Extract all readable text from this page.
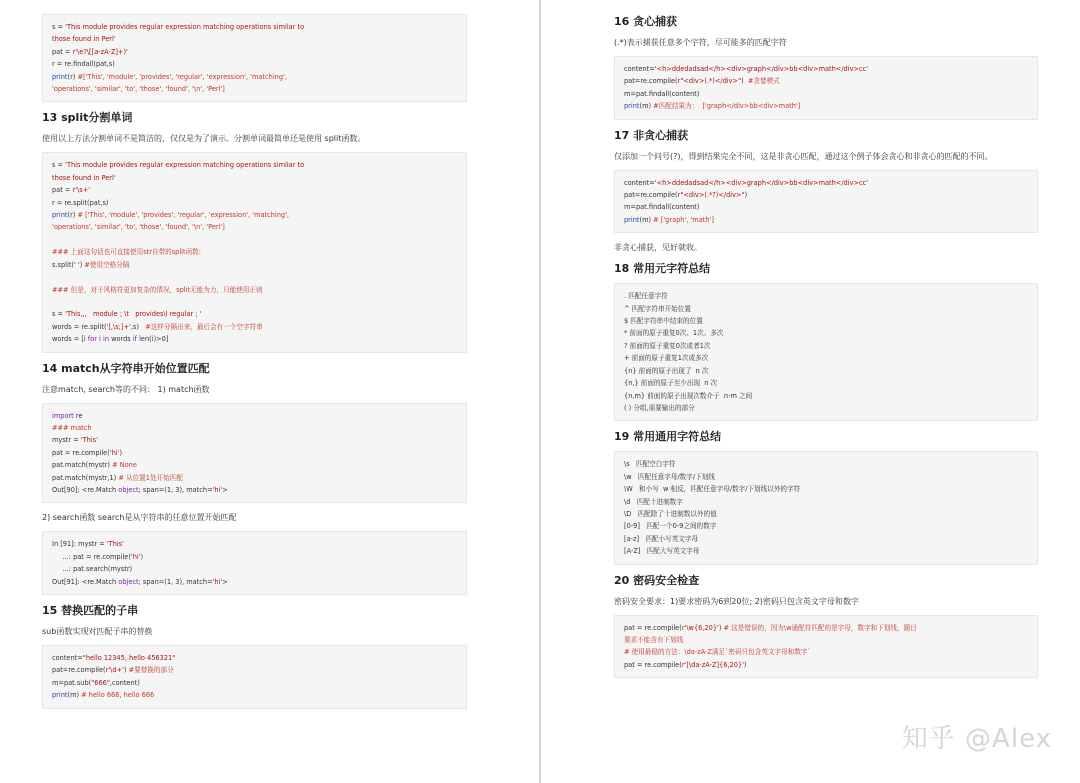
s = 'This module provides regular expression matching operations similar to
those found in Perl'
pat = r'\e?\[[a-zA-Z]+)'
r = re.findall(pat,s)
print(r) #['This', 'module', 'provides', 'regular', 'expression', 'matching',
'operations', 'similar', 'to', 'those', 'found', '\n', 'Perl']
13 split分割单词
使用以上方法分割单词不是简洁的，仅仅是为了演示。分割单词最简单还是使用 split函数。
s = 'This module provides regular expression matching operations similar to
those found in Perl'
pat = r'\s+'
r = re.split(pat,s)
print(r) # ['This', 'module', 'provides', 'regular', 'expression', 'matching',
'operations', 'similar', 'to', 'those', 'found', '\n', 'Perl']

### 上面这句话也可直接使用str自带的split函数:
s.split(' ') #使用空格分隔

### 但是，对于风格符更加复杂的情况，split无能为力，只能使用正则

s = 'This,,,   module ; \t   provides\l regular ; '
words = re.split('[,\s;]+',s)   #这样分隔出来，最后会有一个空字符串
words = [i for i in words if len(i)>0]
14 match从字符串开始位置匹配
注意match, search等的不同： 1) match函数
import re
### match
mystr = 'This'
pat = re.compile('hi')
pat.match(mystr) # None
pat.match(mystr,1) # 从位置1处开始匹配
Out[90]: <re.Match object; span=(1, 3), match='hi'>
2) search函数 search是从字符串的任意位置开始匹配
In [91]: mystr = 'This'
...: pat = re.compile('hi')
...: pat.search(mystr)
Out[91]: <re.Match object; span=(1, 3), match='hi'>
15 替换匹配的子串
sub函数实现对匹配子串的替换
content="hello 12345, hello 456321"
pat=re.compile(r'\d+') #要替换的部分
m=pat.sub("666",content)
print(m) # hello 666, hello 666
16 贪心捕获
(.*)表示捕获任意多个字符，尽可能多的匹配字符
content='<h>ddedadsad</h><div>graph</div>bb<div>math</div>cc'
pat=re.compile(r"<div>(.*)</div>")  #贪婪模式
m=pat.findall(content)
print(m) #匹配结果为：  ['graph</div>bb<div>math']
17 非贪心捕获
仅添加一个问号(?)，得到结果完全不同，这是非贪心匹配，通过这个例子体会贪心和非贪心的匹配的不同。
content='<h>ddedadsad</h><div>graph</div>bb<div>math</div>cc'
pat=re.compile(r"<div>(.*?)</div>")
m=pat.findall(content)
print(m) # ['graph', 'math']
非贪心捕获，见好就收。
18 常用元字符总结
. 匹配任意字符
^ 匹配字符串开始位置
$ 匹配字符串中结束的位置
* 前面的原子重复0次、1次、多次
? 前面的原子重复0次或者1次
+ 前面的原子重复1次或多次
{n} 前面的原子出现了  n 次
{n,} 前面的原子至少出现  n 次
{n,m} 前面的原子出现次数介于  n-m 之间
( ) 分组,需要输出的部分
19 常用通用字符总结
\s   匹配空白字符
\w   匹配任意字母/数字/下划线
\W   和小写  w 相反，匹配任意字母/数字/下划线以外的字符
\d   匹配十进制数字
\D   匹配除了十进制数以外的值
[0-9]   匹配一个0-9之间的数字
[a-z]   匹配小写英文字母
[A-Z]   匹配大写英文字母
20 密码安全检查
密码安全要求：1)要求密码为6到20位; 2)密码只包含英文字母和数字
pat = re.compile(r'\w{6,20}') # 这是错误的，因为\w通配符匹配的是字母，数字和下划线，题目
要求不能含有下划线
# 使用最稳的方法：\da-zA-Z满足`密码只包含英文字母和数字`
pat = re.compile(r'[\da-zA-Z]{6,20}')
知乎 @Alex
